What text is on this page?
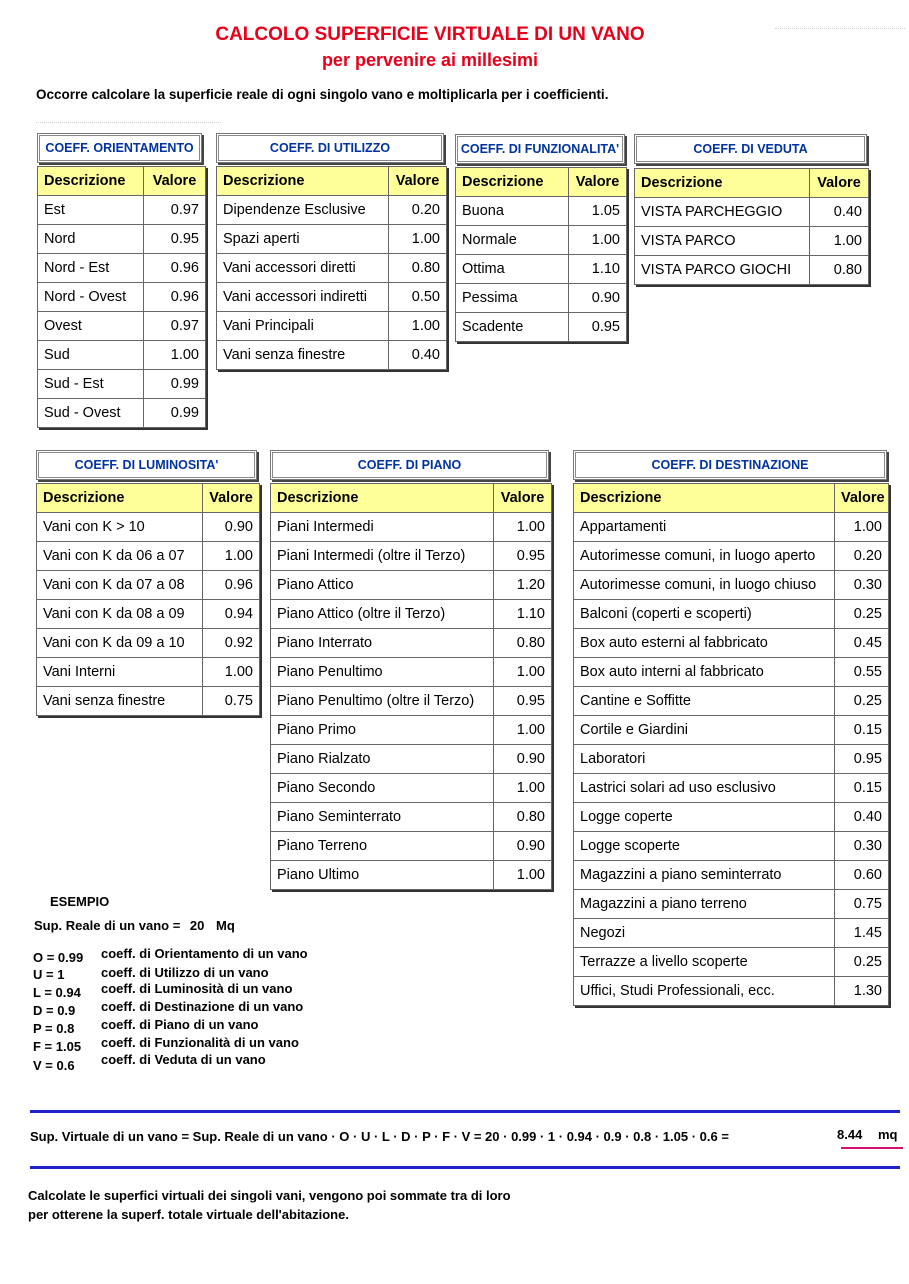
CALCOLO SUPERFICIE VIRTUALE DI UN VANO
per pervenire ai millesimi
Occorre calcolare la superficie reale di ogni singolo vano e moltiplicarla per i coefficienti.
COEFF. ORIENTAMENTO
Descrizione	Valore
Est	0.97
Nord	0.95
Nord - Est	0.96
Nord - Ovest	0.96
Ovest	0.97
Sud	1.00
Sud - Est	0.99
Sud - Ovest	0.99
COEFF. DI UTILIZZO
Descrizione	Valore
Dipendenze Esclusive	0.20
Spazi aperti	1.00
Vani accessori diretti	0.80
Vani accessori indiretti	0.50
Vani Principali	1.00
Vani senza finestre	0.40
COEFF. DI FUNZIONALITA'
Descrizione	Valore
Buona	1.05
Normale	1.00
Ottima	1.10
Pessima	0.90
Scadente	0.95
COEFF. DI VEDUTA
Descrizione	Valore
VISTA PARCHEGGIO	0.40
VISTA PARCO	1.00
VISTA PARCO GIOCHI	0.80
COEFF. DI LUMINOSITA'
Descrizione	Valore
Vani con K > 10	0.90
Vani con K da 06 a 07	1.00
Vani con K da 07 a 08	0.96
Vani con K da 08 a 09	0.94
Vani con K da 09 a 10	0.92
Vani Interni	1.00
Vani senza finestre	0.75
COEFF. DI PIANO
Descrizione	Valore
Piani Intermedi	1.00
Piani Intermedi (oltre il Terzo)	0.95
Piano Attico	1.20
Piano Attico (oltre il Terzo)	1.10
Piano Interrato	0.80
Piano Penultimo	1.00
Piano Penultimo (oltre il Terzo)	0.95
Piano Primo	1.00
Piano Rialzato	0.90
Piano Secondo	1.00
Piano Seminterrato	0.80
Piano Terreno	0.90
Piano Ultimo	1.00
COEFF. DI DESTINAZIONE
Descrizione	Valore
Appartamenti	1.00
Autorimesse comuni, in luogo aperto	0.20
Autorimesse comuni, in luogo chiuso	0.30
Balconi (coperti e scoperti)	0.25
Box auto esterni al fabbricato	0.45
Box auto interni al fabbricato	0.55
Cantine e Soffitte	0.25
Cortile e Giardini	0.15
Laboratori	0.95
Lastrici solari ad uso esclusivo	0.15
Logge coperte	0.40
Logge scoperte	0.30
Magazzini a piano seminterrato	0.60
Magazzini a piano terreno	0.75
Negozi	1.45
Terrazze a livello scoperte	0.25
Uffici, Studi Professionali, ecc.	1.30
ESEMPIO
Sup. Reale di un vano = 20 Mq
O = 0.99 coeff. di Orientamento di un vano
U = 1	coeff. di Utilizzo di un vano
L = 0.94 coeff. di Luminosità di un vano
D = 0.9 coeff. di Destinazione di un vano
P = 0.8 coeff. di Piano di un vano
F = 1.05 coeff. di Funzionalità di un vano
V = 0.6 coeff. di Veduta di un vano
Sup. Virtuale di un vano = Sup. Reale di un vano · O · U · L · D · P · F · V = 20 · 0.99 · 1 · 0.94 · 0.9 · 0.8 · 1.05 · 0.6 =	8.44 mq
Calcolate le superfici virtuali dei singoli vani, vengono poi sommate tra di loro
per otterene la superf. totale virtuale dell'abitazione.
